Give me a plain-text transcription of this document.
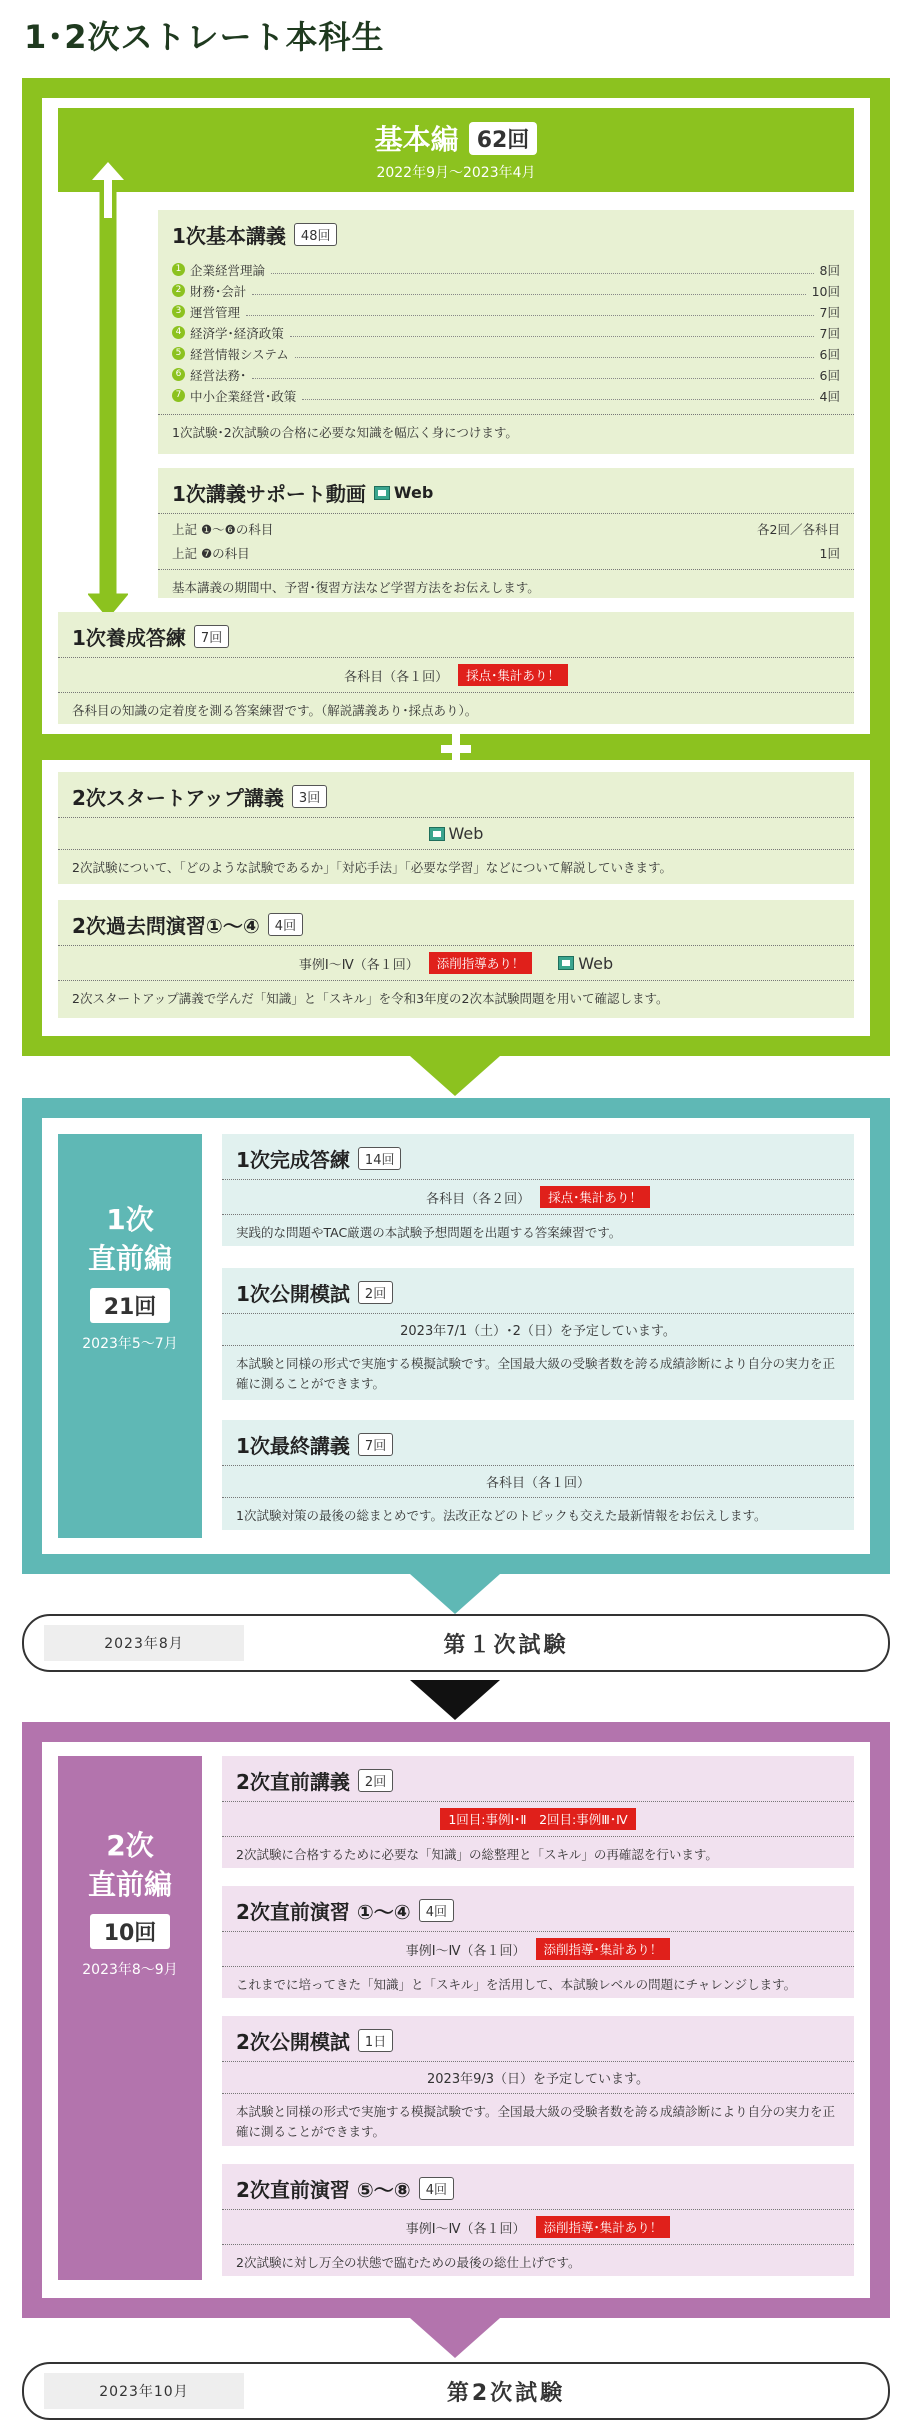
1･2次ストレート本科生
基本編 62回
2022年9月～2023年4月
1次基本講義	48回
1 企業経営理論	8回
2 財務･会計	10回
3 運営管理	7回
4 経済学･経済政策	7回
5 経営情報システム	6回
6 経営法務･	6回
7 中小企業経営･政策	4回
1次試験･2次試験の合格に必要な知識を幅広く身につけます。
1次講義サポート動画 Web
上記 ❶～❻の科目	各2回／各科目
上記 ❼の科目	1回
基本講義の期間中、予習･復習方法など学習方法をお伝えします。
1次養成答練	7回
各科目（各１回）	採点･集計あり！
各科目の知識の定着度を測る答案練習です。（解説講義あり･採点あり）。
2次スタートアップ講義	3回
Web
2次試験について、「どのような試験であるか」「対応手法」「必要な学習」などについて解説していきます。
2次過去問演習①～④	4回
事例Ⅰ～Ⅳ（各１回）	添削指導あり！	Web
2次スタートアップ講義で学んだ「知識」と「スキル」を令和3年度の2次本試験問題を用いて確認します。
1次
直前編
21回
2023年5～7月
1次完成答練	14回
各科目（各２回）	採点･集計あり！
実践的な問題やTAC厳選の本試験予想問題を出題する答案練習です。
1次公開模試	2回
2023年7/1（土）･2（日）を予定しています。
本試験と同様の形式で実施する模擬試験です。全国最大級の受験者数を誇る成績診断により自分の実力を正確に測ることができます。
1次最終講義	7回
各科目（各１回）
1次試験対策の最後の総まとめです。法改正などのトピックも交えた最新情報をお伝えします。
2023年8月	第１次試験
2次
直前編
10回
2023年8～9月
2次直前講義	2回
1回目:事例Ⅰ･Ⅱ　2回目:事例Ⅲ･Ⅳ
2次試験に合格するために必要な「知識」の総整理と「スキル」の再確認を行います。
2次直前演習 ①～④	4回
事例Ⅰ～Ⅳ（各１回）	添削指導･集計あり！
これまでに培ってきた「知識」と「スキル」を活用して、本試験レベルの問題にチャレンジします。
2次公開模試	1日
2023年9/3（日）を予定しています。
本試験と同様の形式で実施する模擬試験です。全国最大級の受験者数を誇る成績診断により自分の実力を正確に測ることができます。
2次直前演習 ⑤～⑧	4回
事例Ⅰ～Ⅳ（各１回）	添削指導･集計あり！
2次試験に対し万全の状態で臨むための最後の総仕上げです。
2023年10月	第2次試験
